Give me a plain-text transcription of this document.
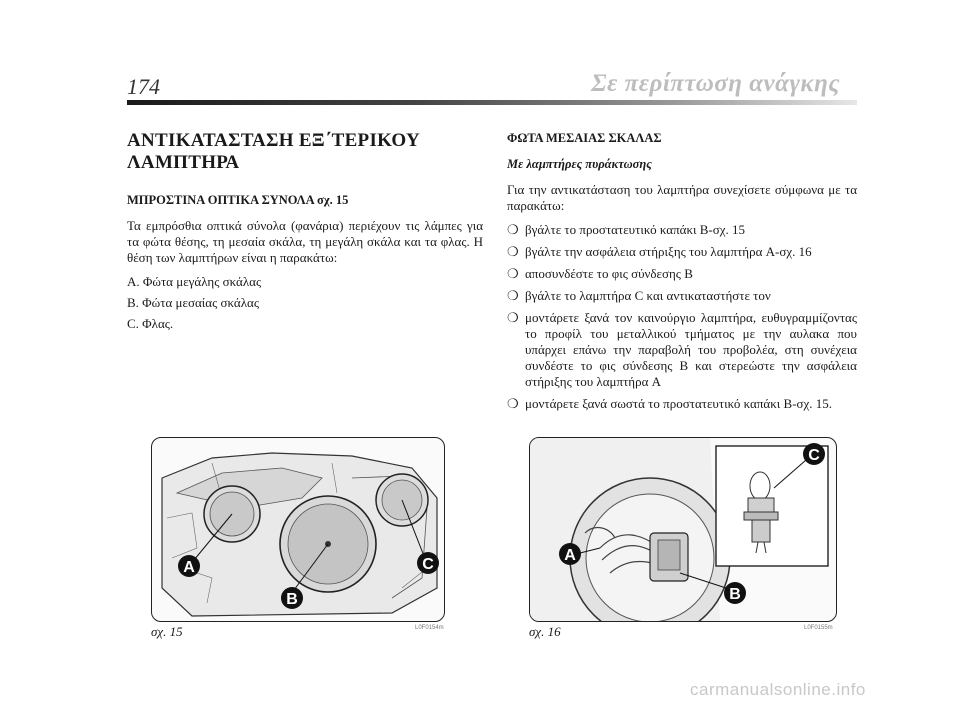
174	Σε περίπτωση ανάγκης
ΑΝΤΙΚΑΤΑΣΤΑΣΗ ΕΞ΄ΤΕΡΙΚΟΥ
ΛΑΜΠΤΗΡΑ
ΜΠΡΟΣΤΙΝΑ ΟΠΤΙΚΑ ΣΥΝΟΛΑ σχ. 15

Τα εμπρόσθια οπτικά σύνολα (φανάρια) περιέχουν τις λάμπες για τα φώτα θέσης, τη μεσαία σκάλα, τη μεγάλη σκάλα και τα φλας. Η θέση των λαμπτήρων είναι η παρακάτω:

A. Φώτα μεγάλης σκάλας
B. Φώτα μεσαίας σκάλας
C. Φλας.
ΦΩΤΑ ΜΕΣΑΙΑΣ ΣΚΑΛΑΣ
Με λαμπτήρες πυράκτωσης

Για την αντικατάσταση του λαμπτήρα συνεχίσετε σύμφωνα με τα παρακάτω:

❍ βγάλτε το προστατευτικό καπάκι B-σχ. 15
❍ βγάλτε την ασφάλεια στήριξης του λαμπτήρα A-σχ. 16
❍ αποσυνδέστε το φις σύνδεσης B
❍ βγάλτε το λαμπτήρα C και αντικαταστήστε τον
❍ μοντάρετε ξανά τον καινούργιο λαμπτήρα, ευθυγραμμίζοντας το προφίλ του μεταλλικού τμήματος με την αυλακα που υπάρχει επάνω την παραβολή του προβολέα, στη συνέχεια συνδέστε το φις σύνδεσης B και στερεώστε την ασφάλεια στήριξης του λαμπτήρα A
❍ μοντάρετε ξανά σωστά το προστατευτικό καπάκι B-σχ. 15.
A
B
C
σχ. 15	L0F0154m
A
B
C
σχ. 16	L0F0155m
carmanualsonline.info
